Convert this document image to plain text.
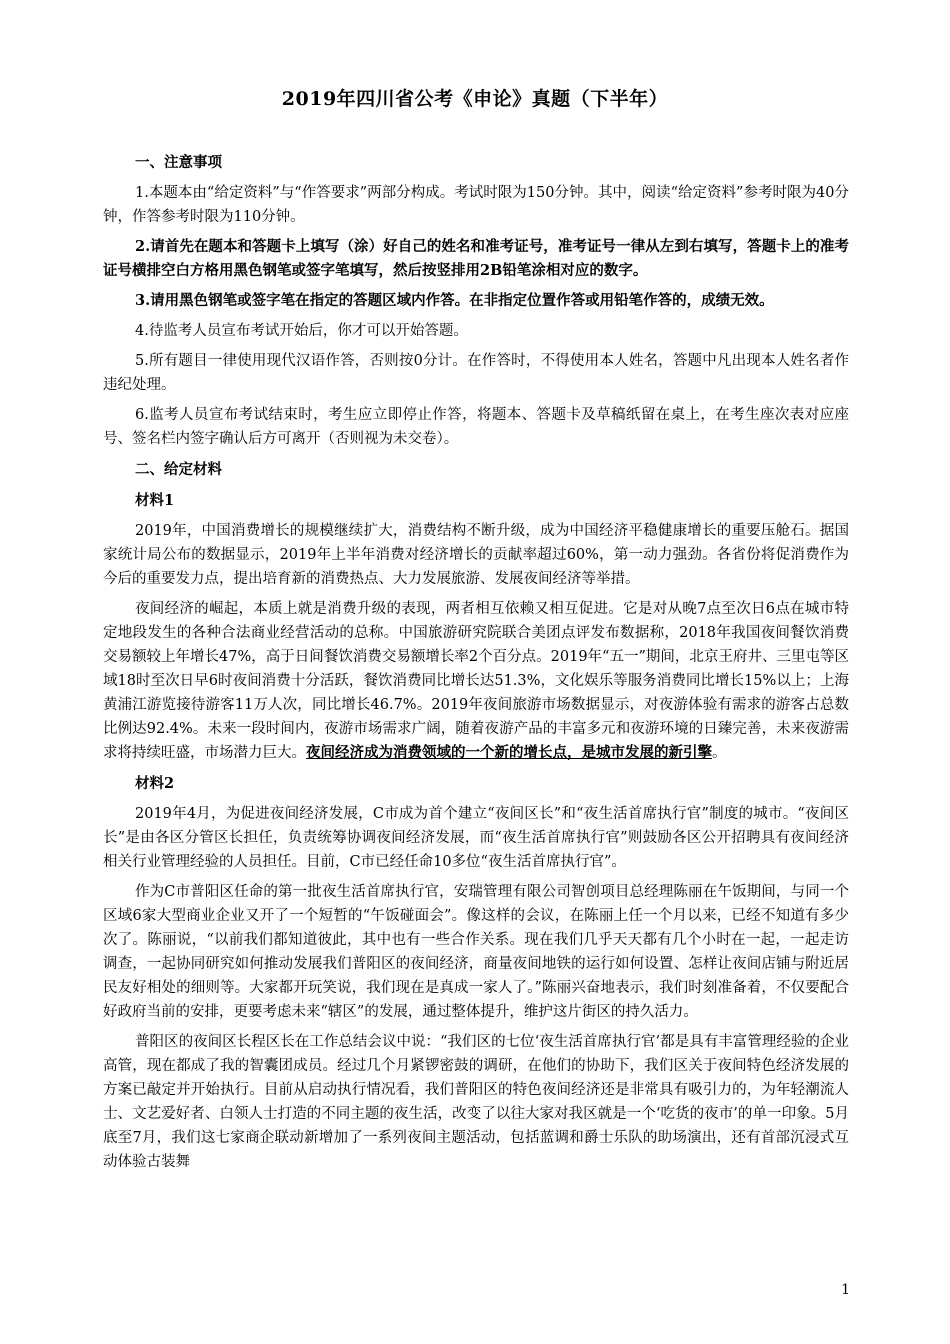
2019年四川省公考《申论》真题（下半年）
一、注意事项
1.本题本由“给定资料”与“作答要求”两部分构成。考试时限为150分钟。其中，阅读“给定资料”参考时限为40分钟，作答参考时限为110分钟。
2.请首先在题本和答题卡上填写（涂）好自己的姓名和准考证号，准考证号一律从左到右填写，答题卡上的准考证号横排空白方格用黑色钢笔或签字笔填写，然后按竖排用2B铅笔涂相对应的数字。
3.请用黑色钢笔或签字笔在指定的答题区域内作答。在非指定位置作答或用铅笔作答的，成绩无效。
4.待监考人员宣布考试开始后，你才可以开始答题。
5.所有题目一律使用现代汉语作答，否则按0分计。在作答时，不得使用本人姓名，答题中凡出现本人姓名者作违纪处理。
6.监考人员宣布考试结束时，考生应立即停止作答，将题本、答题卡及草稿纸留在桌上，在考生座次表对应座号、签名栏内签字确认后方可离开（否则视为未交卷）。
二、给定材料
材料1
2019年，中国消费增长的规模继续扩大，消费结构不断升级，成为中国经济平稳健康增长的重要压舱石。据国家统计局公布的数据显示，2019年上半年消费对经济增长的贡献率超过60%，第一动力强劲。各省份将促消费作为今后的重要发力点，提出培育新的消费热点、大力发展旅游、发展夜间经济等举措。
夜间经济的崛起，本质上就是消费升级的表现，两者相互依赖又相互促进。它是对从晚7点至次日6点在城市特定地段发生的各种合法商业经营活动的总称。中国旅游研究院联合美团点评发布数据称，2018年我国夜间餐饮消费交易额较上年增长47%，高于日间餐饮消费交易额增长率2个百分点。2019年“五一”期间，北京王府井、三里屯等区域18时至次日早6时夜间消费十分活跃，餐饮消费同比增长达51.3%，文化娱乐等服务消费同比增长15%以上；上海黄浦江游览接待游客11万人次，同比增长46.7%。2019年夜间旅游市场数据显示，对夜游体验有需求的游客占总数比例达92.4%。未来一段时间内，夜游市场需求广阔，随着夜游产品的丰富多元和夜游环境的日臻完善，未来夜游需求将持续旺盛，市场潜力巨大。夜间经济成为消费领域的一个新的增长点，是城市发展的新引擎。
材料2
2019年4月，为促进夜间经济发展，C市成为首个建立“夜间区长”和“夜生活首席执行官”制度的城市。“夜间区长”是由各区分管区长担任，负责统筹协调夜间经济发展，而“夜生活首席执行官”则鼓励各区公开招聘具有夜间经济相关行业管理经验的人员担任。目前，C市已经任命10多位“夜生活首席执行官”。
作为C市普阳区任命的第一批夜生活首席执行官，安瑞管理有限公司智创项目总经理陈丽在午饭期间，与同一个区域6家大型商业企业又开了一个短暂的“午饭碰面会”。像这样的会议，在陈丽上任一个月以来，已经不知道有多少次了。陈丽说，“以前我们都知道彼此，其中也有一些合作关系。现在我们几乎天天都有几个小时在一起，一起走访调查，一起协同研究如何推动发展我们普阳区的夜间经济，商量夜间地铁的运行如何设置、怎样让夜间店铺与附近居民友好相处的细则等。大家都开玩笑说，我们现在是真成一家人了。”陈丽兴奋地表示，我们时刻准备着，不仅要配合好政府当前的安排，更要考虑未来“辖区”的发展，通过整体提升，维护这片街区的持久活力。
普阳区的夜间区长程区长在工作总结会议中说：“我们区的七位‘夜生活首席执行官’都是具有丰富管理经验的企业高管，现在都成了我的智囊团成员。经过几个月紧锣密鼓的调研，在他们的协助下，我们区关于夜间特色经济发展的方案已敲定并开始执行。目前从启动执行情况看，我们普阳区的特色夜间经济还是非常具有吸引力的，为年轻潮流人士、文艺爱好者、白领人士打造的不同主题的夜生活，改变了以往大家对我区就是一个‘吃货的夜市’的单一印象。5月底至7月，我们这七家商企联动新增加了一系列夜间主题活动，包括蓝调和爵士乐队的助场演出，还有首部沉浸式互动体验古装舞
1
